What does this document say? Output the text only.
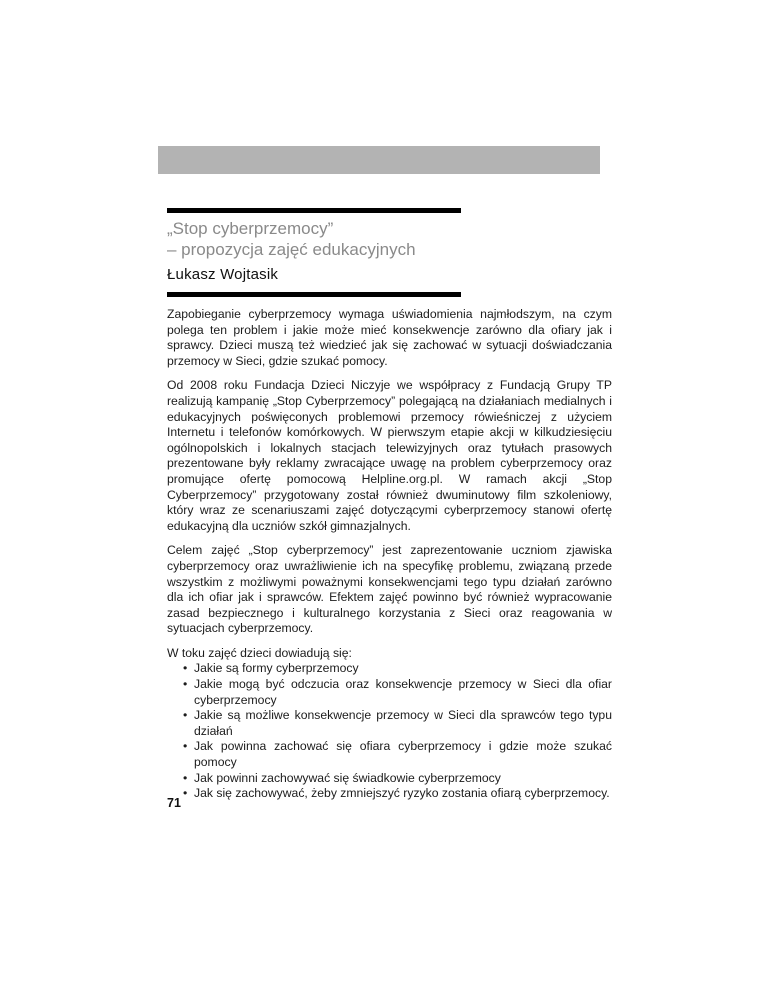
„Stop cyberprzemocy”
– propozycja zajęć edukacyjnych

Łukasz Wojtasik

Zapobieganie cyberprzemocy wymaga uświadomienia najmłodszym, na czym polega ten problem i jakie może mieć konsekwencje zarówno dla ofiary jak i sprawcy. Dzieci muszą też wiedzieć jak się zachować w sytuacji doświadczania przemocy w Sieci, gdzie szukać pomocy.

Od 2008 roku Fundacja Dzieci Niczyje we współpracy z Fundacją Grupy TP realizują kampanię „Stop Cyberprzemocy” polegającą na działaniach medialnych i edukacyjnych poświęconych problemowi przemocy rówieśniczej z użyciem Internetu i telefonów komórkowych. W pierwszym etapie akcji w kilkudziesięciu ogólnopolskich i lokalnych stacjach telewizyjnych oraz tytułach prasowych prezentowane były reklamy zwracające uwagę na problem cyberprzemocy oraz promujące ofertę pomocową Helpline.org.pl. W ramach akcji „Stop Cyberprzemocy” przygotowany został również dwuminutowy film szkoleniowy, który wraz ze scenariuszami zajęć dotyczącymi cyberprzemocy stanowi ofertę edukacyjną dla uczniów szkół gimnazjalnych.

Celem zajęć „Stop cyberprzemocy” jest zaprezentowanie uczniom zjawiska cyberprzemocy oraz uwrażliwienie ich na specyfikę problemu, związaną przede wszystkim z możliwymi poważnymi konsekwencjami tego typu działań zarówno dla ich ofiar jak i sprawców. Efektem zajęć powinno być również wypracowanie zasad bezpiecznego i kulturalnego korzystania z Sieci oraz reagowania w sytuacjach cyberprzemocy.

W toku zajęć dzieci dowiadują się:

• Jakie są formy cyberprzemocy
• Jakie mogą być odczucia oraz konsekwencje przemocy w Sieci dla ofiar cyberprzemocy
• Jakie są możliwe konsekwencje przemocy w Sieci dla sprawców tego typu działań
• Jak powinna zachować się ofiara cyberprzemocy i gdzie może szukać pomocy
• Jak powinni zachowywać się świadkowie cyberprzemocy
• Jak się zachowywać, żeby zmniejszyć ryzyko zostania ofiarą cyberprzemocy.
71
